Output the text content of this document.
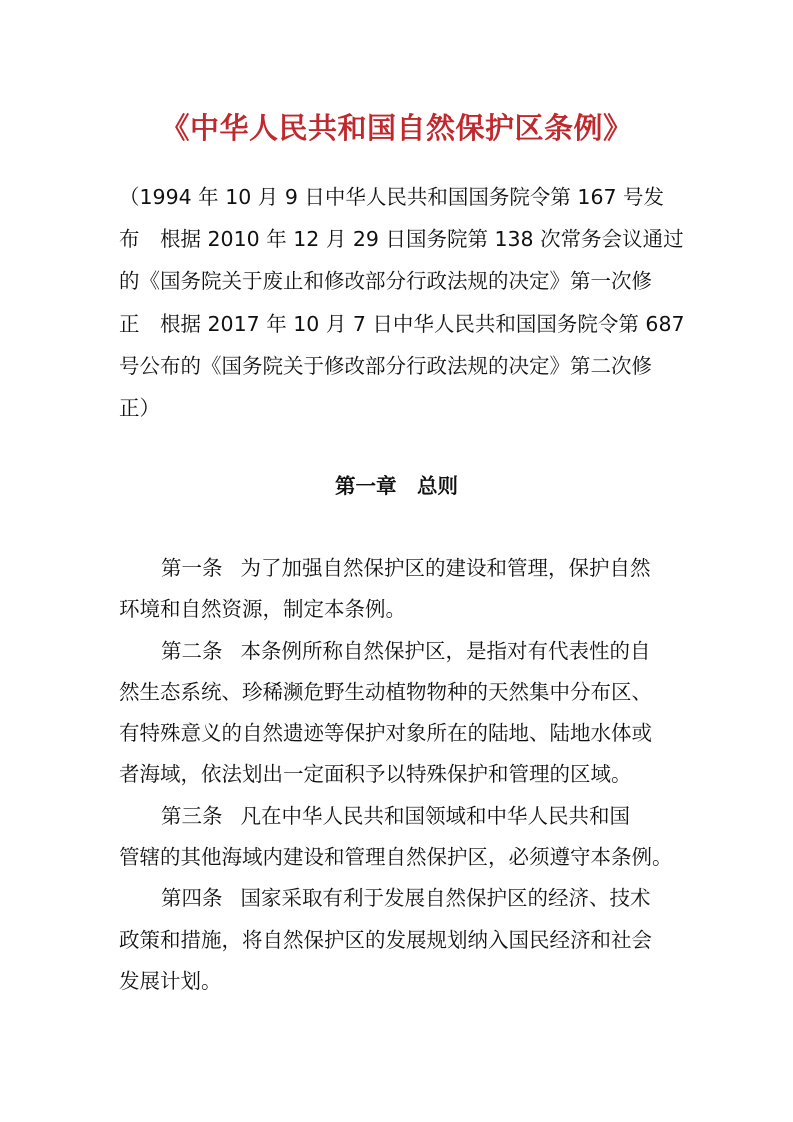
《中华人民共和国自然保护区条例》
（1994 年 10 月 9 日中华人民共和国国务院令第 167 号发
布　根据 2010 年 12 月 29 日国务院第 138 次常务会议通过
的《国务院关于废止和修改部分行政法规的决定》第一次修
正　根据 2017 年 10 月 7 日中华人民共和国国务院令第 687
号公布的《国务院关于修改部分行政法规的决定》第二次修
正）
第一章　总则
第一条 为了加强自然保护区的建设和管理，保护自然
环境和自然资源，制定本条例。
第二条 本条例所称自然保护区，是指对有代表性的自
然生态系统、珍稀濒危野生动植物物种的天然集中分布区、
有特殊意义的自然遗迹等保护对象所在的陆地、陆地水体或
者海域，依法划出一定面积予以特殊保护和管理的区域。
第三条 凡在中华人民共和国领域和中华人民共和国
管辖的其他海域内建设和管理自然保护区，必须遵守本条例。
第四条 国家采取有利于发展自然保护区的经济、技术
政策和措施，将自然保护区的发展规划纳入国民经济和社会
发展计划。
